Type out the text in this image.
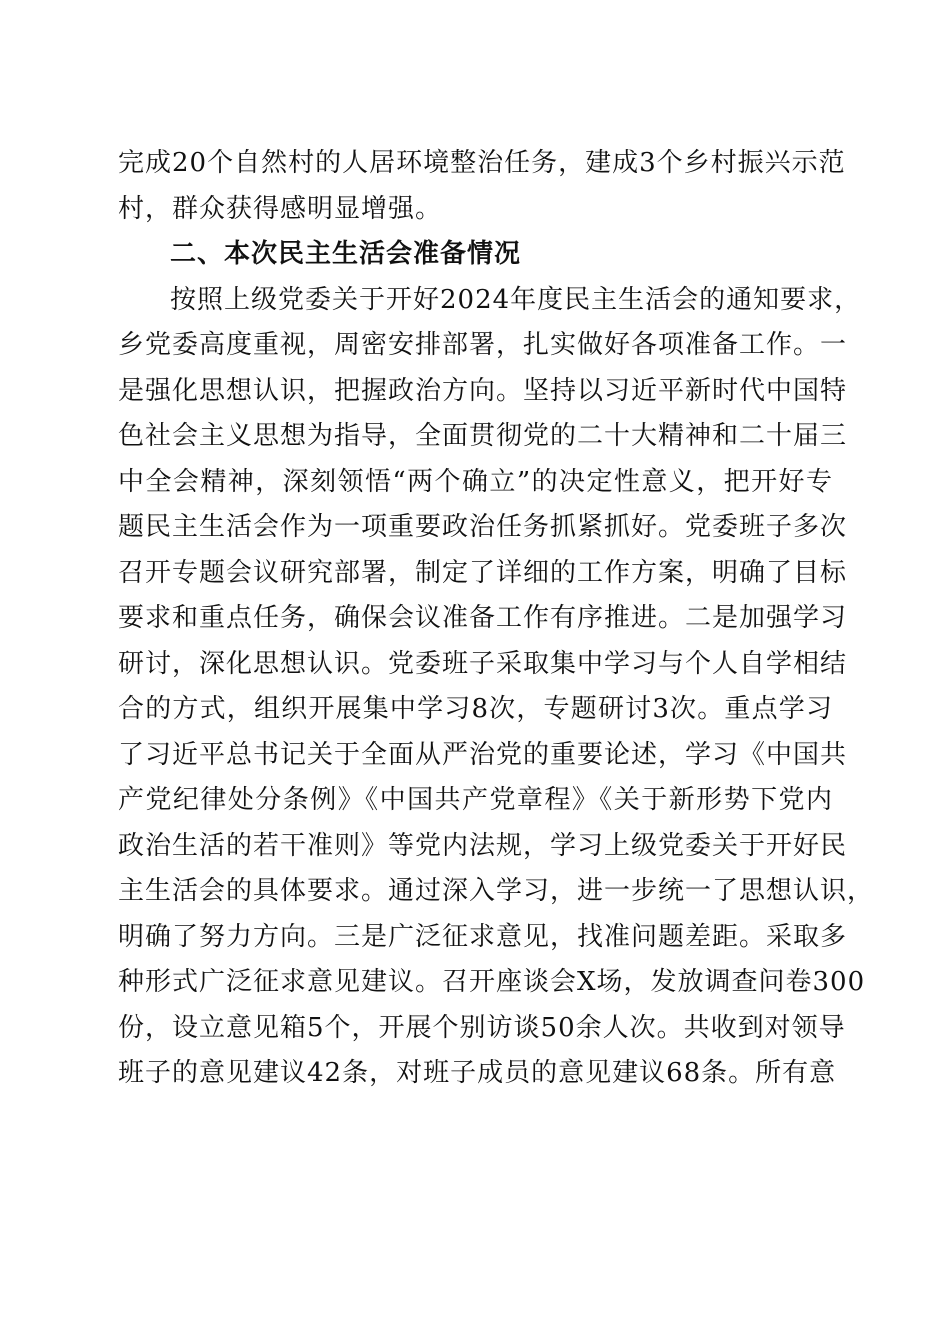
完成20个自然村的人居环境整治任务，建成3个乡村振兴示范
村，群众获得感明显增强。
二、本次民主生活会准备情况
按照上级党委关于开好2024年度民主生活会的通知要求，
乡党委高度重视，周密安排部署，扎实做好各项准备工作。一
是强化思想认识，把握政治方向。坚持以习近平新时代中国特
色社会主义思想为指导，全面贯彻党的二十大精神和二十届三
中全会精神，深刻领悟“两个确立”的决定性意义，把开好专
题民主生活会作为一项重要政治任务抓紧抓好。党委班子多次
召开专题会议研究部署，制定了详细的工作方案，明确了目标
要求和重点任务，确保会议准备工作有序推进。二是加强学习
研讨，深化思想认识。党委班子采取集中学习与个人自学相结
合的方式，组织开展集中学习8次，专题研讨3次。重点学习
了习近平总书记关于全面从严治党的重要论述，学习《中国共
产党纪律处分条例》《中国共产党章程》《关于新形势下党内
政治生活的若干准则》等党内法规，学习上级党委关于开好民
主生活会的具体要求。通过深入学习，进一步统一了思想认识，
明确了努力方向。三是广泛征求意见，找准问题差距。采取多
种形式广泛征求意见建议。召开座谈会X场，发放调查问卷300
份，设立意见箱5个，开展个别访谈50余人次。共收到对领导
班子的意见建议42条，对班子成员的意见建议68条。所有意
